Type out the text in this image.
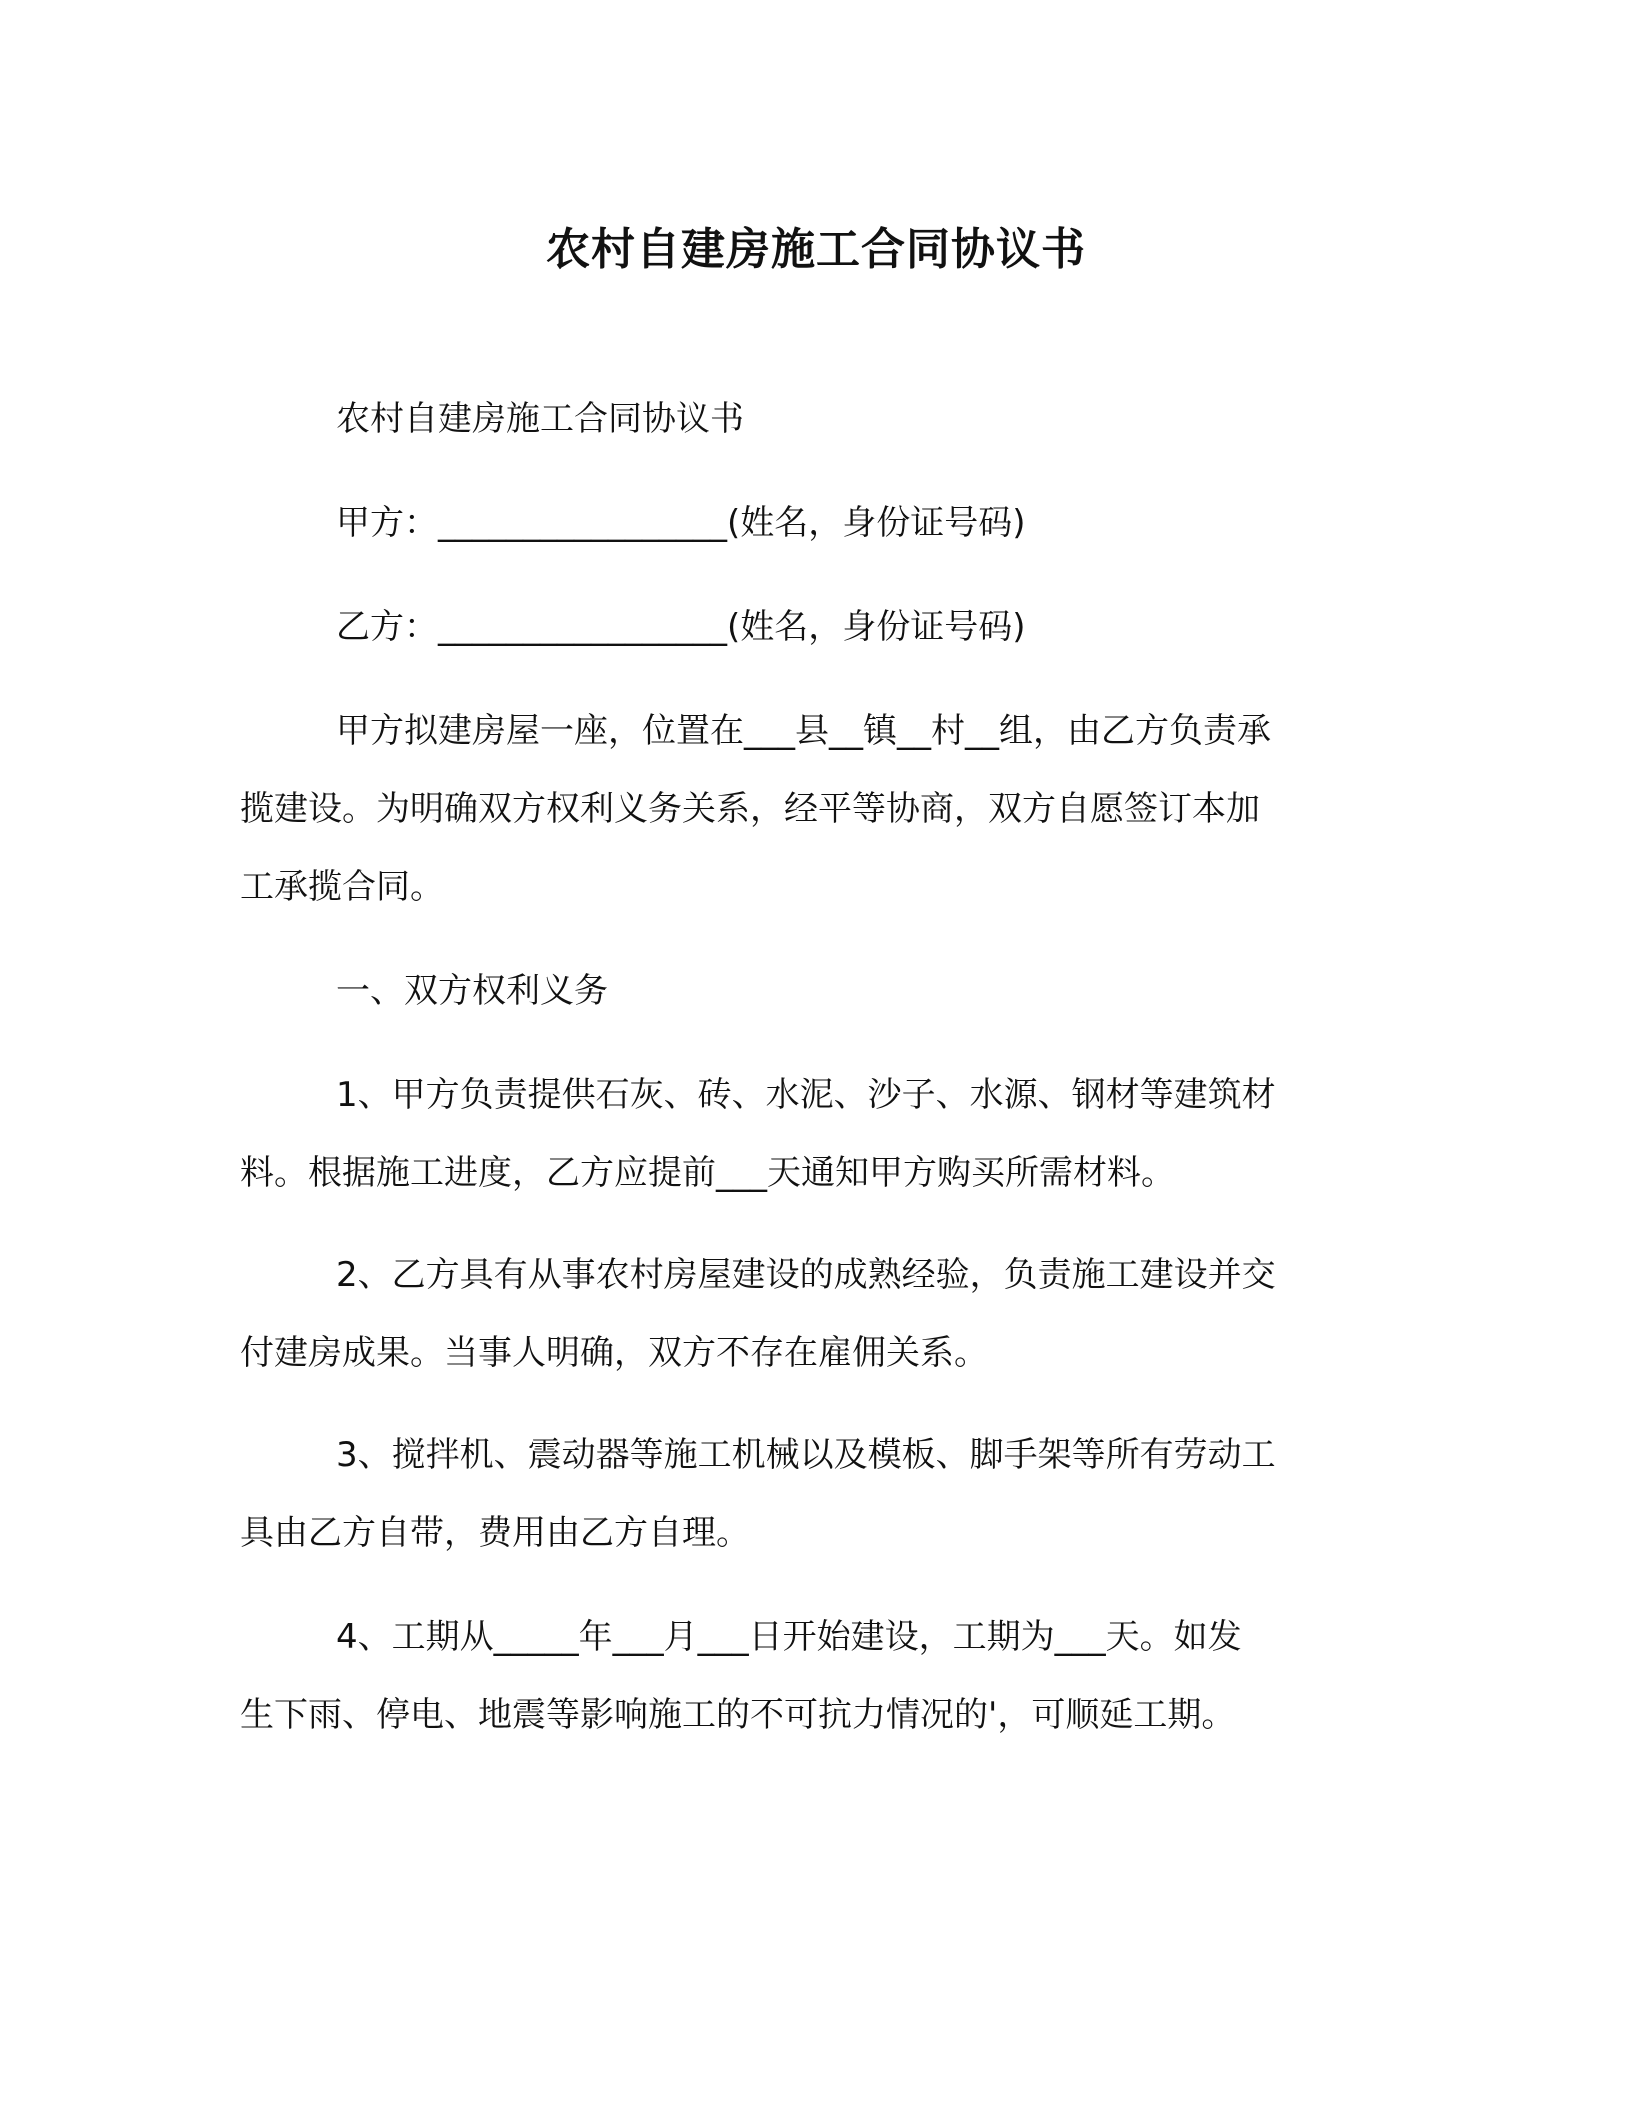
农村自建房施工合同协议书
农村自建房施工合同协议书
甲方：_________________(姓名，身份证号码)
乙方：_________________(姓名，身份证号码)
甲方拟建房屋一座，位置在___县__镇__村__组，由乙方负责承
揽建设。为明确双方权利义务关系，经平等协商，双方自愿签订本加
工承揽合同。
一、双方权利义务
1、甲方负责提供石灰、砖、水泥、沙子、水源、钢材等建筑材
料。根据施工进度，乙方应提前___天通知甲方购买所需材料。
2、乙方具有从事农村房屋建设的成熟经验，负责施工建设并交
付建房成果。当事人明确，双方不存在雇佣关系。
3、搅拌机、震动器等施工机械以及模板、脚手架等所有劳动工
具由乙方自带，费用由乙方自理。
4、工期从_____年___月___日开始建设，工期为___天。如发
生下雨、停电、地震等影响施工的不可抗力情况的'，可顺延工期。
